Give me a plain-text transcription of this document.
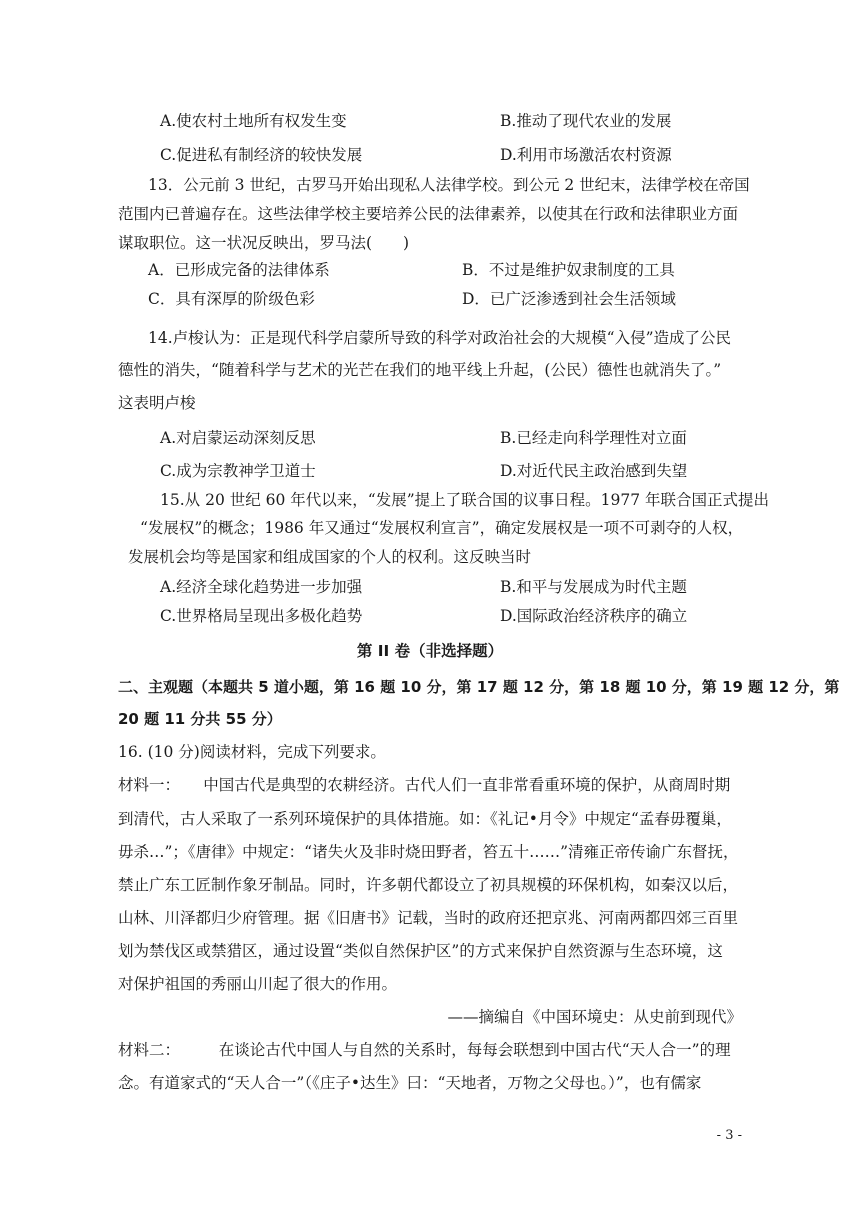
A.使农村土地所有权发生变	B.推动了现代农业的发展
C.促进私有制经济的较快发展	D.利用市场激活农村资源
13．公元前 3 世纪，古罗马开始出现私人法律学校。到公元 2 世纪末，法律学校在帝国
范围内已普遍存在。这些法律学校主要培养公民的法律素养，以使其在行政和法律职业方面
谋取职位。这一状况反映出，罗马法(　　)
A．已形成完备的法律体系	B．不过是维护奴隶制度的工具
C．具有深厚的阶级色彩	D．已广泛渗透到社会生活领域
14.卢梭认为：正是现代科学启蒙所导致的科学对政治社会的大规模“入侵”造成了公民
德性的消失，“随着科学与艺术的光芒在我们的地平线上升起，(公民）德性也就消失了。”
这表明卢梭
A.对启蒙运动深刻反思	B.已经走向科学理性对立面
C.成为宗教神学卫道士	D.对近代民主政治感到失望
15.从 20 世纪 60 年代以来，“发展”提上了联合国的议事日程。1977 年联合国正式提出
“发展权”的概念；1986 年又通过“发展权利宣言”，确定发展权是一项不可剥夺的人权，
发展机会均等是国家和组成国家的个人的权利。这反映当时
A.经济全球化趋势进一步加强	B.和平与发展成为时代主题
C.世界格局呈现出多极化趋势	D.国际政治经济秩序的确立
第 II 卷（非选择题）
二、主观题（本题共 5 道小题，第 16 题 10 分，第 17 题 12 分，第 18 题 10 分，第 19 题 12 分，第
20 题 11 分共 55 分）
16. (10 分)阅读材料，完成下列要求。
材料一：　　中国古代是典型的农耕经济。古代人们一直非常看重环境的保护，从商周时期
到清代，古人采取了一系列环境保护的具体措施。如：《礼记•月令》中规定“孟春毋覆巢，
毋杀…”；《唐律》中规定：“诸失火及非时烧田野者，笞五十……”清雍正帝传谕广东督抚，
禁止广东工匠制作象牙制品。同时，许多朝代都设立了初具规模的环保机构，如秦汉以后，
山林、川泽都归少府管理。据《旧唐书》记载，当时的政府还把京兆、河南两都四郊三百里
划为禁伐区或禁猎区，通过设置“类似自然保护区”的方式来保护自然资源与生态环境，这
对保护祖国的秀丽山川起了很大的作用。
——摘编自《中国环境史：从史前到现代》
材料二：　　　在谈论古代中国人与自然的关系时，每每会联想到中国古代“天人合一”的理
念。有道家式的“天人合一”（《庄子•达生》曰：“天地者，万物之父母也。）”，也有儒家
- 3 -
